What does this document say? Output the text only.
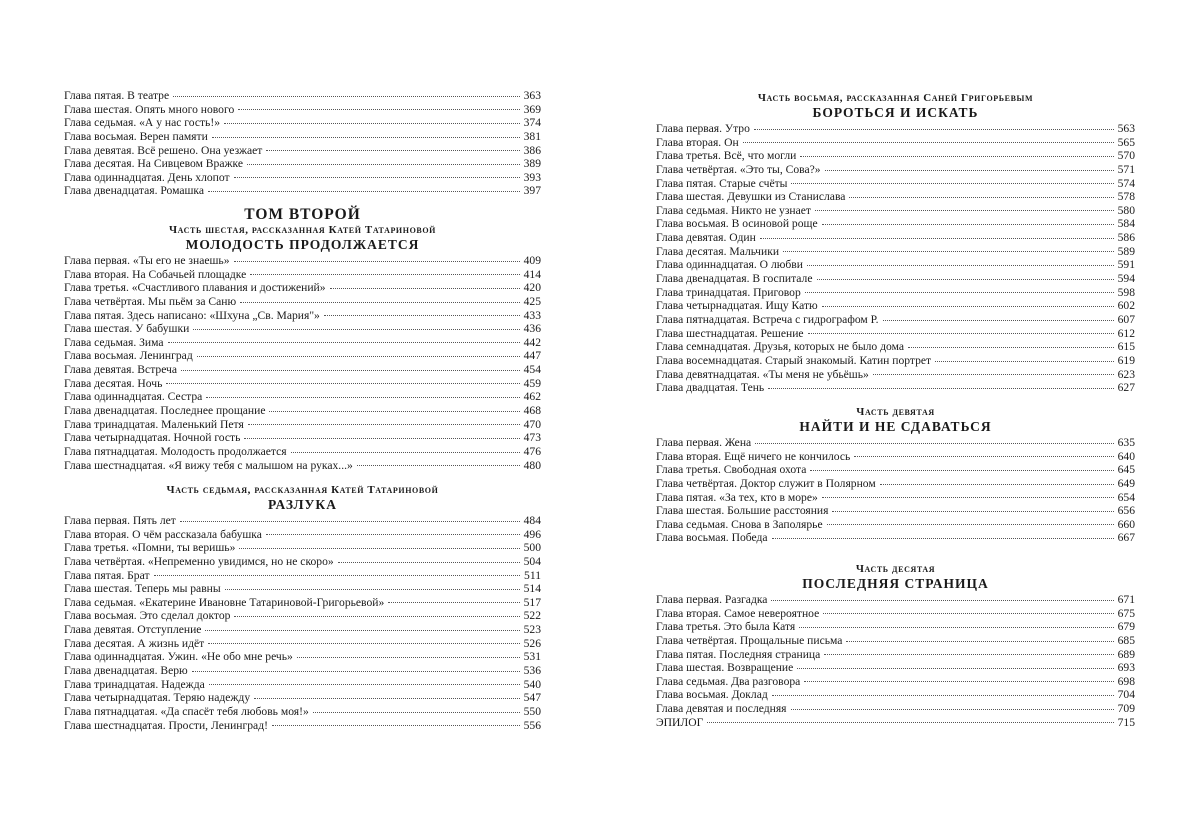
Глава пятая. В театре	363
Глава шестая. Опять много нового	369
Глава седьмая. «А у нас гость!»	374
Глава восьмая. Верен памяти	381
Глава девятая. Всё решено. Она уезжает	386
Глава десятая. На Сивцевом Вражке	389
Глава одиннадцатая. День хлопот	393
Глава двенадцатая. Ромашка	397
ТОМ ВТОРОЙ
Часть шестая, рассказанная Катей Татариновой
МОЛОДОСТЬ ПРОДОЛЖАЕТСЯ
Глава первая. «Ты его не знаешь»	409
Глава вторая. На Собачьей площадке	414
Глава третья. «Счастливого плавания и достижений»	420
Глава четвёртая. Мы пьём за Саню	425
Глава пятая. Здесь написано: «Шхуна „Св. Мария"»	433
Глава шестая. У бабушки	436
Глава седьмая. Зима	442
Глава восьмая. Ленинград	447
Глава девятая. Встреча	454
Глава десятая. Ночь	459
Глава одиннадцатая. Сестра	462
Глава двенадцатая. Последнее прощание	468
Глава тринадцатая. Маленький Петя	470
Глава четырнадцатая. Ночной гость	473
Глава пятнадцатая. Молодость продолжается	476
Глава шестнадцатая. «Я вижу тебя с малышом на руках...»	480
Часть седьмая, рассказанная Катей Татариновой
РАЗЛУКА
Глава первая. Пять лет	484
Глава вторая. О чём рассказала бабушка	496
Глава третья. «Помни, ты веришь»	500
Глава четвёртая. «Непременно увидимся, но не скоро»	504
Глава пятая. Брат	511
Глава шестая. Теперь мы равны	514
Глава седьмая. «Екатерине Ивановне Татариновой-Григорьевой»	517
Глава восьмая. Это сделал доктор	522
Глава девятая. Отступление	523
Глава десятая. А жизнь идёт	526
Глава одиннадцатая. Ужин. «Не обо мне речь»	531
Глава двенадцатая. Верю	536
Глава тринадцатая. Надежда	540
Глава четырнадцатая. Теряю надежду	547
Глава пятнадцатая. «Да спасёт тебя любовь моя!»	550
Глава шестнадцатая. Прости, Ленинград!	556
Часть восьмая, рассказанная Саней Григорьевым
БОРОТЬСЯ И ИСКАТЬ
Глава первая. Утро	563
Глава вторая. Он	565
Глава третья. Всё, что могли	570
Глава четвёртая. «Это ты, Сова?»	571
Глава пятая. Старые счёты	574
Глава шестая. Девушки из Станислава	578
Глава седьмая. Никто не узнает	580
Глава восьмая. В осиновой роще	584
Глава девятая. Один	586
Глава десятая. Мальчики	589
Глава одиннадцатая. О любви	591
Глава двенадцатая. В госпитале	594
Глава тринадцатая. Приговор	598
Глава четырнадцатая. Ищу Катю	602
Глава пятнадцатая. Встреча с гидрографом Р.	607
Глава шестнадцатая. Решение	612
Глава семнадцатая. Друзья, которых не было дома	615
Глава восемнадцатая. Старый знакомый. Катин портрет	619
Глава девятнадцатая. «Ты меня не убьёшь»	623
Глава двадцатая. Тень	627
Часть девятая
НАЙТИ И НЕ СДАВАТЬСЯ
Глава первая. Жена	635
Глава вторая. Ещё ничего не кончилось	640
Глава третья. Свободная охота	645
Глава четвёртая. Доктор служит в Полярном	649
Глава пятая. «За тех, кто в море»	654
Глава шестая. Большие расстояния	656
Глава седьмая. Снова в Заполярье	660
Глава восьмая. Победа	667
Часть десятая
ПОСЛЕДНЯЯ СТРАНИЦА
Глава первая. Разгадка	671
Глава вторая. Самое невероятное	675
Глава третья. Это была Катя	679
Глава четвёртая. Прощальные письма	685
Глава пятая. Последняя страница	689
Глава шестая. Возвращение	693
Глава седьмая. Два разговора	698
Глава восьмая. Доклад	704
Глава девятая и последняя	709
ЭПИЛОГ	715
